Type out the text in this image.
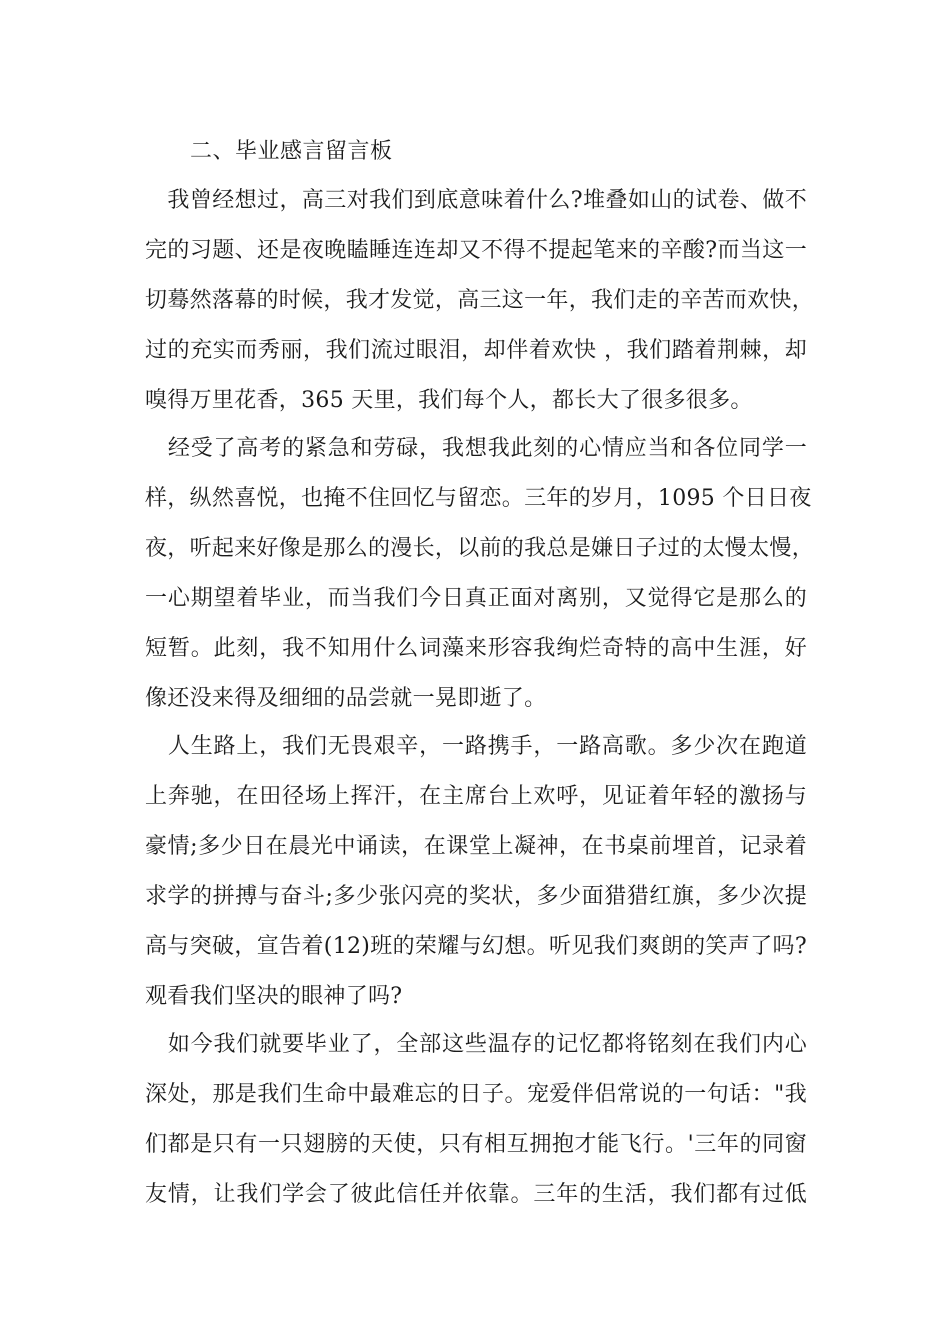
二、毕业感言留言板
　我曾经想过，高三对我们到底意味着什么?堆叠如山的试卷、做不
完的习题、还是夜晚瞌睡连连却又不得不提起笔来的辛酸?而当这一
切蓦然落幕的时候，我才发觉，高三这一年，我们走的辛苦而欢快，
过的充实而秀丽，我们流过眼泪，却伴着欢快 ，我们踏着荆棘，却
嗅得万里花香，365 天里，我们每个人，都长大了很多很多。
　经受了高考的紧急和劳碌，我想我此刻的心情应当和各位同学一
样，纵然喜悦，也掩不住回忆与留恋。三年的岁月，1095 个日日夜
夜，听起来好像是那么的漫长，以前的我总是嫌日子过的太慢太慢，
一心期望着毕业，而当我们今日真正面对离别，又觉得它是那么的
短暂。此刻，我不知用什么词藻来形容我绚烂奇特的高中生涯，好
像还没来得及细细的品尝就一晃即逝了。
　人生路上，我们无畏艰辛，一路携手，一路高歌。多少次在跑道
上奔驰，在田径场上挥汗，在主席台上欢呼，见证着年轻的激扬与
豪情;多少日在晨光中诵读，在课堂上凝神，在书桌前埋首，记录着
求学的拼搏与奋斗;多少张闪亮的奖状，多少面猎猎红旗，多少次提
高与突破，宣告着(12)班的荣耀与幻想。听见我们爽朗的笑声了吗?
观看我们坚决的眼神了吗?
　如今我们就要毕业了，全部这些温存的记忆都将铭刻在我们内心
深处，那是我们生命中最难忘的日子。宠爱伴侣常说的一句话："我
们都是只有一只翅膀的天使，只有相互拥抱才能飞行。'三年的同窗
友情，让我们学会了彼此信任并依靠。三年的生活，我们都有过低
